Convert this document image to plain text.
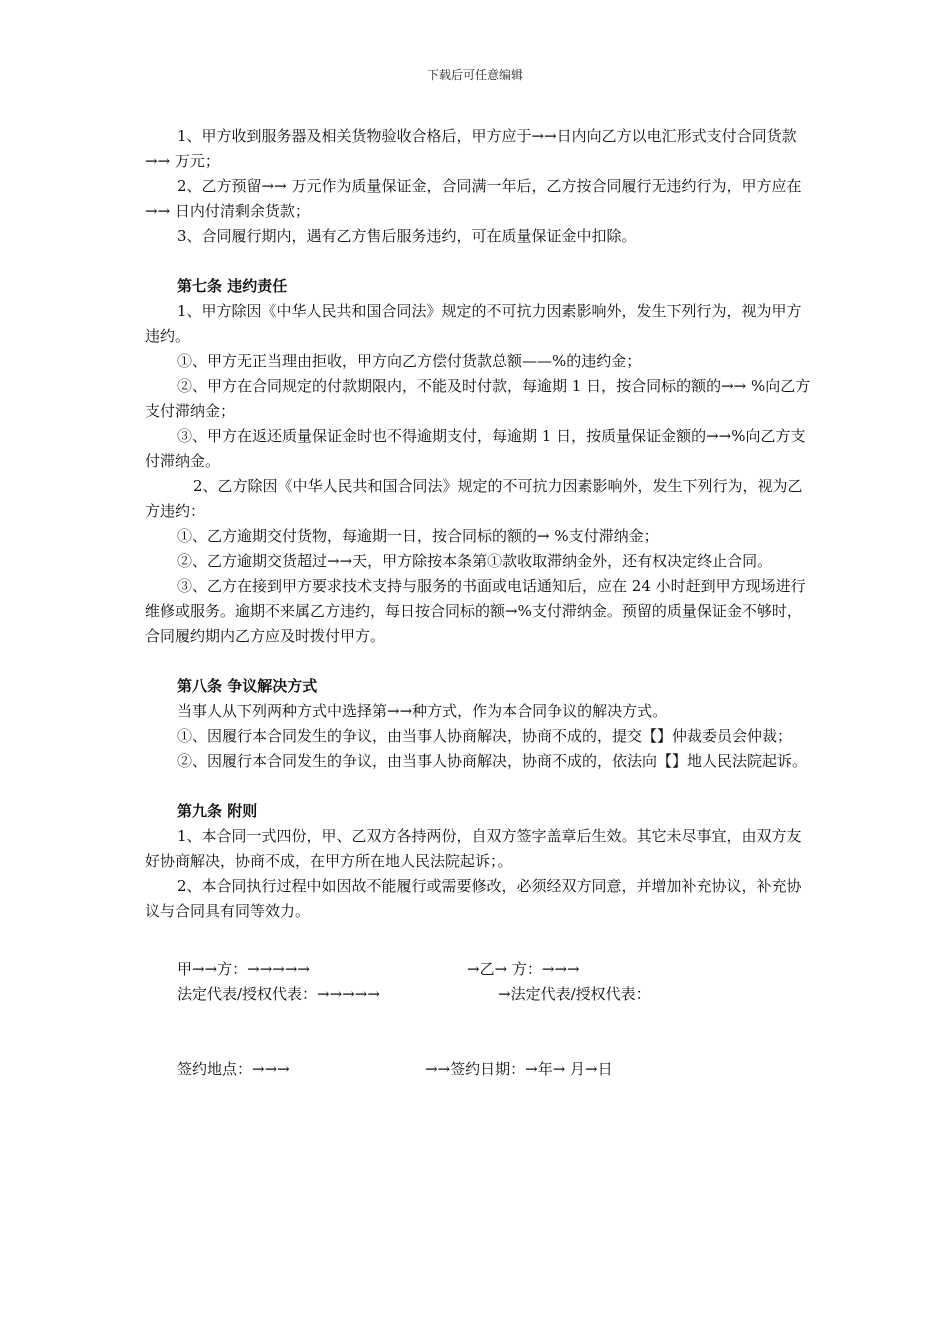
下载后可任意编辑

1、甲方收到服务器及相关货物验收合格后，甲方应于→→日内向乙方以电汇形式支付合同货款→→ 万元；

2、乙方预留→→ 万元作为质量保证金，合同满一年后，乙方按合同履行无违约行为，甲方应在→→ 日内付清剩余货款；

3、合同履行期内，遇有乙方售后服务违约，可在质量保证金中扣除。

第七条 违约责任

1、甲方除因《中华人民共和国合同法》规定的不可抗力因素影响外，发生下列行为，视为甲方违约。

①、甲方无正当理由拒收，甲方向乙方偿付货款总额——%的违约金；

②、甲方在合同规定的付款期限内，不能及时付款，每逾期 1 日，按合同标的额的→→ %向乙方支付滞纳金；

③、甲方在返还质量保证金时也不得逾期支付，每逾期 1 日，按质量保证金额的→→%向乙方支付滞纳金。

2、乙方除因《中华人民共和国合同法》规定的不可抗力因素影响外，发生下列行为，视为乙方违约：

①、乙方逾期交付货物，每逾期一日，按合同标的额的→ %支付滞纳金；

②、乙方逾期交货超过→→天，甲方除按本条第①款收取滞纳金外，还有权决定终止合同。

③、乙方在接到甲方要求技术支持与服务的书面或电话通知后，应在 24 小时赶到甲方现场进行维修或服务。逾期不来属乙方违约，每日按合同标的额→%支付滞纳金。预留的质量保证金不够时，合同履约期内乙方应及时拨付甲方。

第八条 争议解决方式

当事人从下列两种方式中选择第→→种方式，作为本合同争议的解决方式。

①、因履行本合同发生的争议，由当事人协商解决，协商不成的，提交【】仲裁委员会仲裁；

②、因履行本合同发生的争议，由当事人协商解决，协商不成的，依法向【】地人民法院起诉。

第九条 附则

1、本合同一式四份，甲、乙双方各持两份，自双方签字盖章后生效。其它未尽事宜，由双方友好协商解决，协商不成，在甲方所在地人民法院起诉；。

2、本合同执行过程中如因故不能履行或需要修改，必须经双方同意，并增加补充协议，补充协议与合同具有同等效力。

甲→→方：→→→→→	→乙→ 方：→→→
法定代表/授权代表：→→→→→	→法定代表/授权代表：
签约地点：→→→	→→签约日期：→年→ 月→日
